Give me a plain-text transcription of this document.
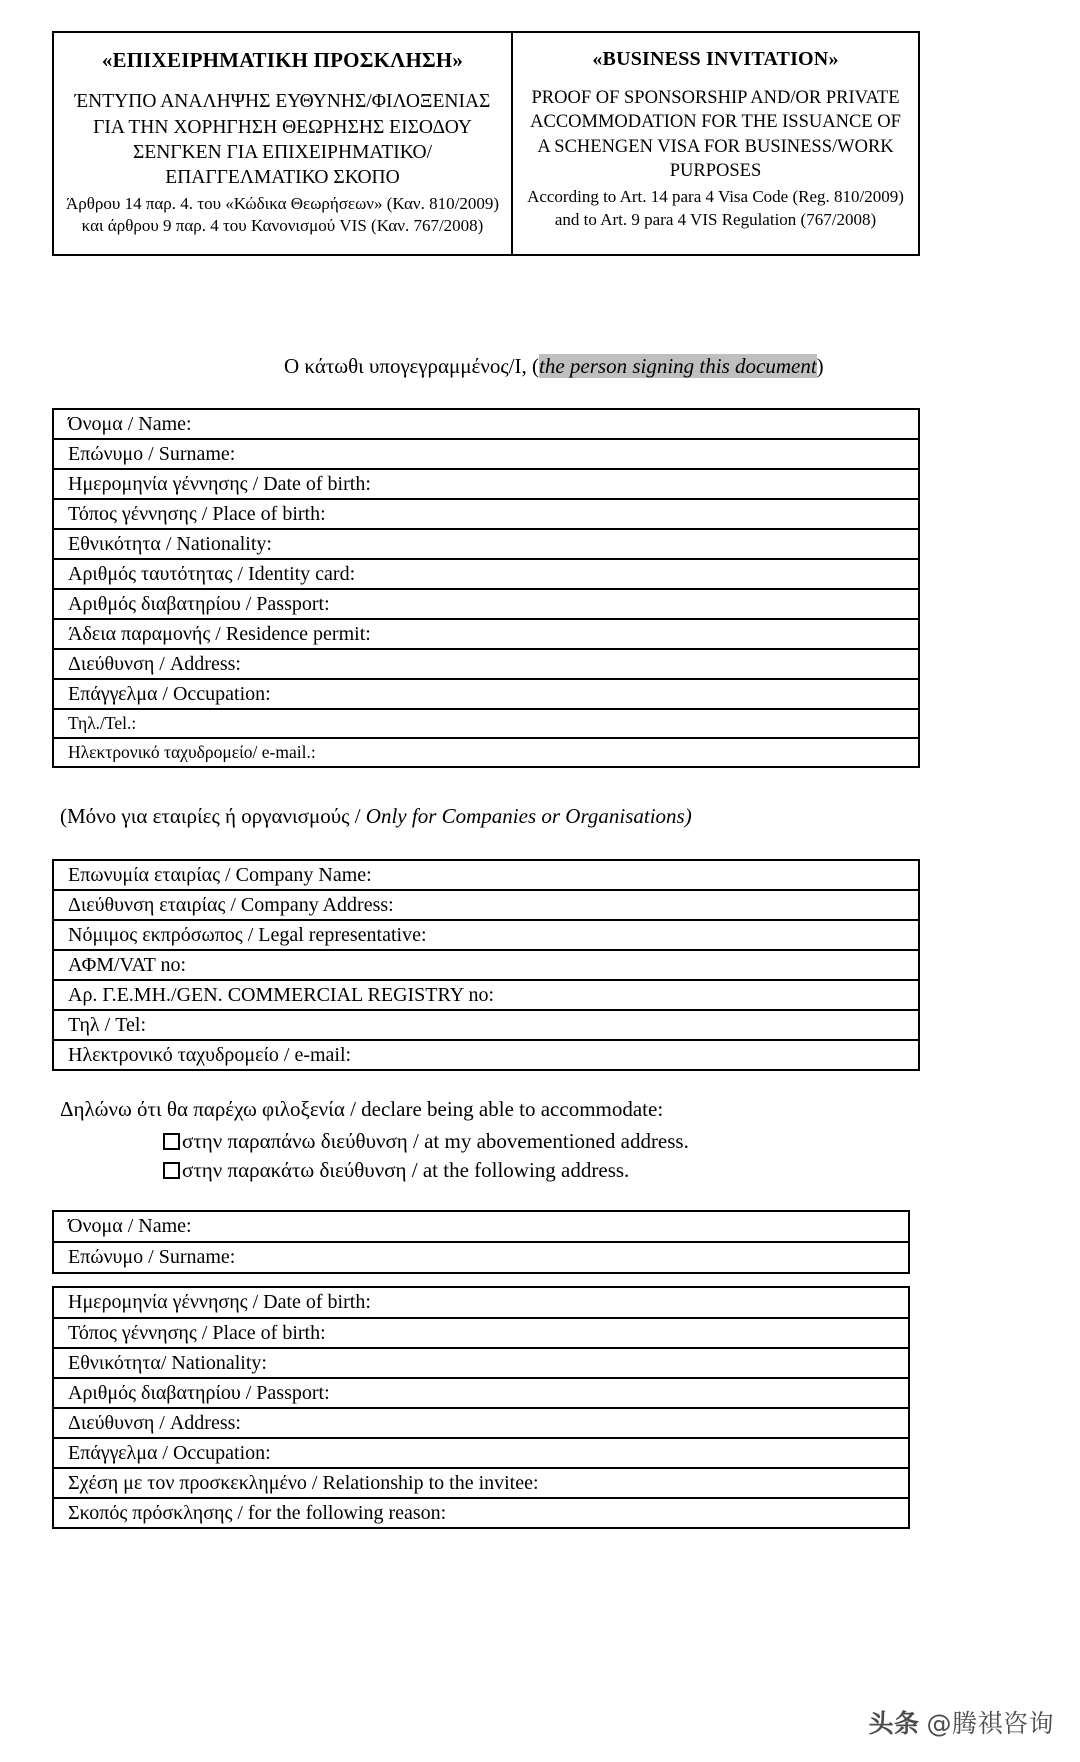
«ΕΠΙΧΕΙΡΗΜΑΤΙΚΗ ΠΡΟΣΚΛΗΣΗ»
ΈΝΤΥΠΟ ΑΝΑΛΗΨΗΣ ΕΥΘΥΝΗΣ/ΦΙΛΟΞΕΝΙΑΣ ΓΙΑ ΤΗΝ ΧΟΡΗΓΗΣΗ ΘΕΩΡΗΣΗΣ ΕΙΣΟΔΟΥ ΣΕΝΓΚΕΝ ΓΙΑ ΕΠΙΧΕΙΡΗΜΑΤΙΚΟ/ΕΠΑΓΓΕΛΜΑΤΙΚΟ ΣΚΟΠΟ
Άρθρου 14 παρ. 4. του «Κώδικα Θεωρήσεων» (Καν. 810/2009) και άρθρου 9 παρ. 4 του Κανονισμού VIS (Καν. 767/2008)
«BUSINESS INVITATION»
PROOF OF SPONSORSHIP AND/OR PRIVATE ACCOMMODATION FOR THE ISSUANCE OF A SCHENGEN VISA FOR BUSINESS/WORK PURPOSES
According to Art. 14 para 4 Visa Code (Reg. 810/2009) and to Art. 9 para 4 VIS Regulation (767/2008)
Ο κάτωθι υπογεγραμμένος/Ι, (the person signing this document)
Όνομα / Name:
Επώνυμο / Surname:
Ημερομηνία γέννησης / Date of birth:
Τόπος γέννησης / Place of birth:
Εθνικότητα / Nationality:
Αριθμός ταυτότητας / Identity card:
Αριθμός διαβατηρίου / Passport:
Άδεια παραμονής / Residence permit:
Διεύθυνση / Address:
Επάγγελμα / Occupation:
Τηλ./Tel.:
Ηλεκτρονικό ταχυδρομείο/ e-mail.:
(Μόνο για εταιρίες ή οργανισμούς / Only for Companies or Organisations)
Επωνυμία εταιρίας / Company Name:
Διεύθυνση εταιρίας / Company Address:
Νόμιμος εκπρόσωπος / Legal representative:
ΑΦΜ/VAT no:
Αρ. Γ.Ε.ΜΗ./GEN. COMMERCIAL REGISTRY no:
Τηλ / Tel:
Ηλεκτρονικό ταχυδρομείο / e-mail:
Δηλώνω ότι θα παρέχω φιλοξενία / declare being able to accommodate:
στην παραπάνω διεύθυνση / at my abovementioned address.
στην παρακάτω διεύθυνση / at the following address.
Όνομα / Name:
Επώνυμο / Surname:
Ημερομηνία γέννησης / Date of birth:
Τόπος γέννησης / Place of birth:
Εθνικότητα/ Nationality:
Αριθμός διαβατηρίου / Passport:
Διεύθυνση / Address:
Επάγγελμα / Occupation:
Σχέση με τον προσκεκλημένο / Relationship to the invitee:
Σκοπός πρόσκλησης / for the following reason:
头条 @腾祺咨询
